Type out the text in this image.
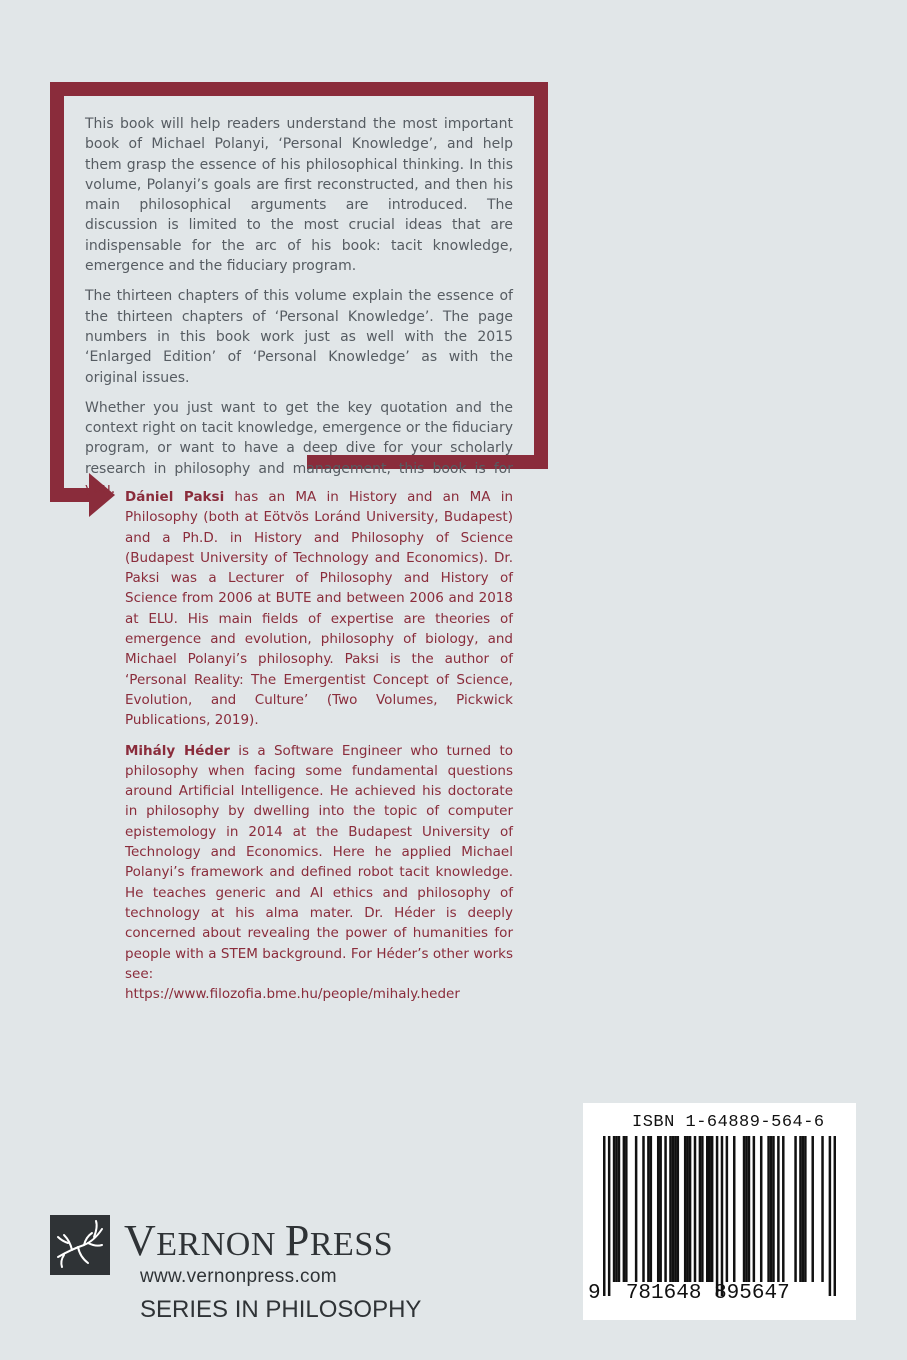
This book will help readers understand the most important book of Michael Polanyi, ‘Personal Knowledge’, and help them grasp the essence of his philosophical thinking. In this volume, Polanyi’s goals are first reconstructed, and then his main philosophical arguments are introduced. The discussion is limited to the most crucial ideas that are indispensable for the arc of his book: tacit knowledge, emergence and the fiduciary program.

The thirteen chapters of this volume explain the essence of the thirteen chapters of ‘Personal Knowledge’. The page numbers in this book work just as well with the 2015 ‘Enlarged Edition’ of ‘Personal Knowledge’ as with the original issues.

Whether you just want to get the key quotation and the context right on tacit knowledge, emergence or the fiduciary program, or want to have a deep dive for your scholarly research in philosophy and management, this book is for you. Dániel Paksi has an MA in History and an MA in Philosophy (both at Eötvös Loránd University, Budapest) and a Ph.D. in History and Philosophy of Science (Budapest University of Technology and Economics). Dr. Paksi was a Lecturer of Philosophy and History of Science from 2006 at BUTE and between 2006 and 2018 at ELU. His main fields of expertise are theories of emergence and evolution, philosophy of biology, and Michael Polanyi’s philosophy. Paksi is the author of ‘Personal Reality: The Emergentist Concept of Science, Evolution, and Culture’ (Two Volumes, Pickwick Publications, 2019).

Mihály Héder is a Software Engineer who turned to philosophy when facing some fundamental questions around Artificial Intelligence. He achieved his doctorate in philosophy by dwelling into the topic of computer epistemology in 2014 at the Budapest University of Technology and Economics. Here he applied Michael Polanyi’s framework and defined robot tacit knowledge. He teaches generic and AI ethics and philosophy of technology at his alma mater. Dr. Héder is deeply concerned about revealing the power of humanities for people with a STEM background. For Héder’s other works see:
https://www.filozofia.bme.hu/people/mihaly.heder

VERNON PRESS
www.vernonpress.com
SERIES IN PHILOSOPHY
ISBN 1-64889-564-6
9 781648 895647
